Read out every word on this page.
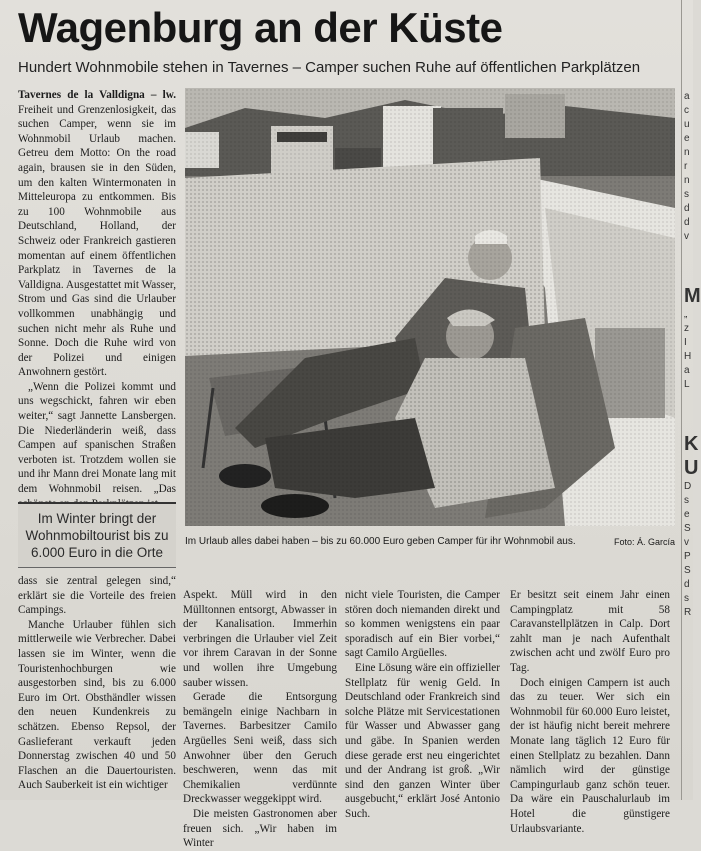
Wagenburg an der Küste
Hundert Wohnmobile stehen in Tavernes – Camper suchen Ruhe auf öffentlichen Parkplätzen

Tavernes de la Valldigna – lw. Freiheit und Grenzenlosigkeit, das suchen Camper, wenn sie im Wohnmobil Urlaub machen. Getreu dem Motto: On the road again, brausen sie in den Süden, um den kalten Wintermonaten in Mitteleuropa zu entkommen. Bis zu 100 Wohnmobile aus Deutschland, Holland, der Schweiz oder Frankreich gastieren momentan auf einem öffentlichen Parkplatz in Tavernes de la Valldigna. Ausgestattet mit Wasser, Strom und Gas sind die Urlauber vollkommen unabhängig und suchen nicht mehr als Ruhe und Sonne. Doch die Ruhe wird von der Polizei und einigen Anwohnern gestört.

„Wenn die Polizei kommt und uns wegschickt, fahren wir eben weiter,“ sagt Jannette Lansbergen. Die Niederländerin weiß, dass Campen auf spanischen Straßen verboten ist. Trotzdem wollen sie und ihr Mann drei Monate lang mit dem Wohnmobil reisen. „Das

Im Winter bringt der Wohnmobiltourist bis zu 6.000 Euro in die Orte

dass sie zentral gelegen sind,“ erklärt sie die Vorteile des freien Campings.

Manche Urlauber fühlen sich mittlerweile wie Verbrecher. Dabei lassen sie im Winter, wenn die Touristenhochburgen wie ausgestorben sind, bis zu 6.000 Euro im Ort. Obsthändler wissen den neuen Kundenkreis zu schätzen. Ebenso Repsol, der Gaslieferant verkauft jeden Donnerstag zwischen 40 und 50 Flaschen an die Dauertouristen. Auch Sauberkeit ist ein wichtiger

Im Urlaub alles dabei haben – bis zu 60.000 Euro geben Camper für ihr Wohnmobil aus.	Foto: Á. García

Aspekt. Müll wird in den Mülltonnen entsorgt, Abwasser in der Kanalisation. Immerhin verbringen die Urlauber viel Zeit vor ihrem Caravan in der Sonne und wollen ihre Umgebung sauber wissen.

Gerade die Entsorgung bemängeln einige Nachbarn in Tavernes. Barbesitzer Camilo Argüelles Seni weiß, dass sich Anwohner über den Geruch beschweren, wenn das mit Chemikalien verdünnte Dreckwasser weggekippt wird.

Die meisten Gastronomen aber freuen sich. „Wir haben im Winter

nicht viele Touristen, die Camper stören doch niemanden direkt und so kommen wenigstens ein paar sporadisch auf ein Bier vorbei,“ sagt Camilo Argüelles.

Eine Lösung wäre ein offizieller Stellplatz für wenig Geld. In Deutschland oder Frankreich sind solche Plätze mit Servicestationen für Wasser und Abwasser gang und gäbe. In Spanien werden diese gerade erst neu eingerichtet und der Andrang ist groß. „Wir sind den ganzen Winter über ausgebucht,“ erklärt José Antonio Such.

Er besitzt seit einem Jahr einen Campingplatz mit 58 Caravanstellplätzen in Calp. Dort zahlt man je nach Aufenthalt zwischen acht und zwölf Euro pro Tag.

Doch einigen Campern ist auch das zu teuer. Wer sich ein Wohnmobil für 60.000 Euro leistet, der ist häufig nicht bereit mehrere Monate lang täglich 12 Euro für einen Stellplatz zu bezahlen. Dann nämlich wird der günstige Campingurlaub ganz schön teuer. Da wäre ein Pauschalurlaub im Hotel die günstigere Urlaubsvariante.

a
c
u
e
n
r
n
s
d
d
v
M
„
z
I
H
a
L
K
U
D
s
e
S
v
P
S
d
s
R
